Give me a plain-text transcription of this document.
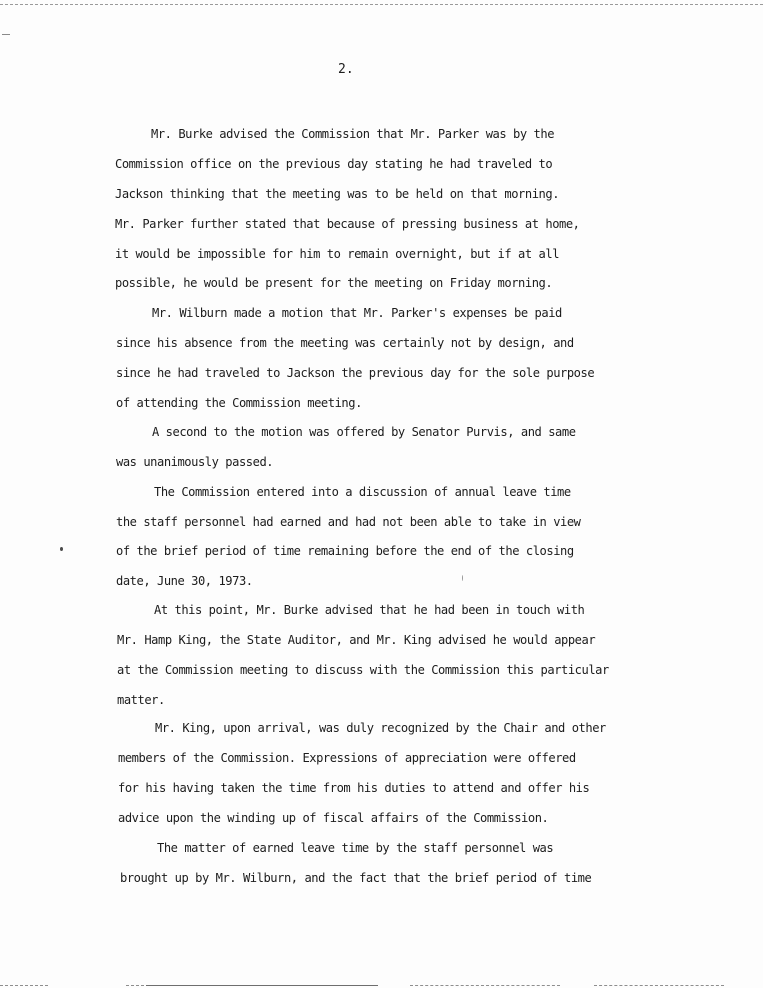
2.
Mr. Burke advised the Commission that Mr. Parker was by the
Commission office on the previous day stating he had traveled to
Jackson thinking that the meeting was to be held on that morning.
Mr. Parker further stated that because of pressing business at home,
it would be impossible for him to remain overnight, but if at all
possible, he would be present for the meeting on Friday morning.
Mr. Wilburn made a motion that Mr. Parker's expenses be paid
since his absence from the meeting was certainly not by design, and
since he had traveled to Jackson the previous day for the sole purpose
of attending the Commission meeting.
A second to the motion was offered by Senator Purvis, and same
was unanimously passed.
The Commission entered into a discussion of annual leave time
the staff personnel had earned and had not been able to take in view
of the brief period of time remaining before the end of the closing
date, June 30, 1973.
At this point, Mr. Burke advised that he had been in touch with
Mr. Hamp King, the State Auditor, and Mr. King advised he would appear
at the Commission meeting to discuss with the Commission this particular
matter.
Mr. King, upon arrival, was duly recognized by the Chair and other
members of the Commission. Expressions of appreciation were offered
for his having taken the time from his duties to attend and offer his
advice upon the winding up of fiscal affairs of the Commission.
The matter of earned leave time by the staff personnel was
brought up by Mr. Wilburn, and the fact that the brief period of time
